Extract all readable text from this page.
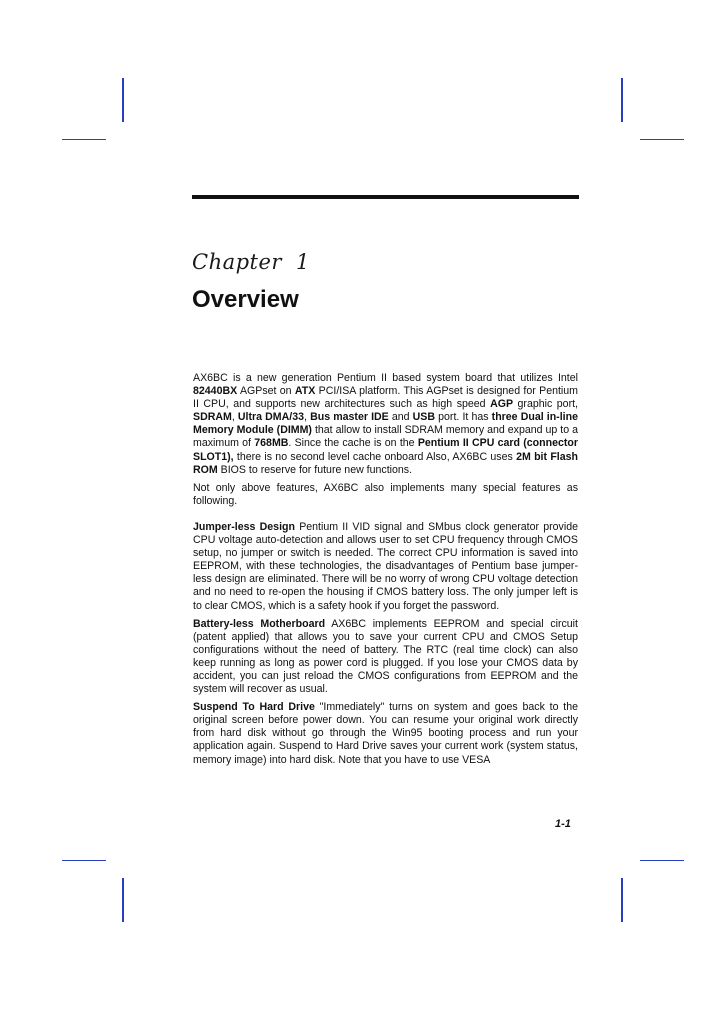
Chapter 1
Overview

AX6BC is a new generation Pentium II based system board that utilizes Intel 82440BX AGPset on ATX PCI/ISA platform. This AGPset is designed for Pentium II CPU, and supports new architectures such as high speed AGP graphic port, SDRAM, Ultra DMA/33, Bus master IDE and USB port. It has three Dual in-line Memory Module (DIMM) that allow to install SDRAM memory and expand up to a maximum of 768MB. Since the cache is on the Pentium II CPU card (connector SLOT1), there is no second level cache onboard Also, AX6BC uses 2M bit Flash ROM BIOS to reserve for future new functions.

Not only above features, AX6BC also implements many special features as following.

Jumper-less Design Pentium II VID signal and SMbus clock generator provide CPU voltage auto-detection and allows user to set CPU frequency through CMOS setup, no jumper or switch is needed. The correct CPU information is saved into EEPROM, with these technologies, the disadvantages of Pentium base jumper-less design are eliminated. There will be no worry of wrong CPU voltage detection and no need to re-open the housing if CMOS battery loss. The only jumper left is to clear CMOS, which is a safety hook if you forget the password.

Battery-less Motherboard AX6BC implements EEPROM and special circuit (patent applied) that allows you to save your current CPU and CMOS Setup configurations without the need of battery. The RTC (real time clock) can also keep running as long as power cord is plugged. If you lose your CMOS data by accident, you can just reload the CMOS configurations from EEPROM and the system will recover as usual.

Suspend To Hard Drive "Immediately" turns on system and goes back to the original screen before power down. You can resume your original work directly from hard disk without go through the Win95 booting process and run your application again. Suspend to Hard Drive saves your current work (system status, memory image) into hard disk. Note that you have to use VESA

1-1
